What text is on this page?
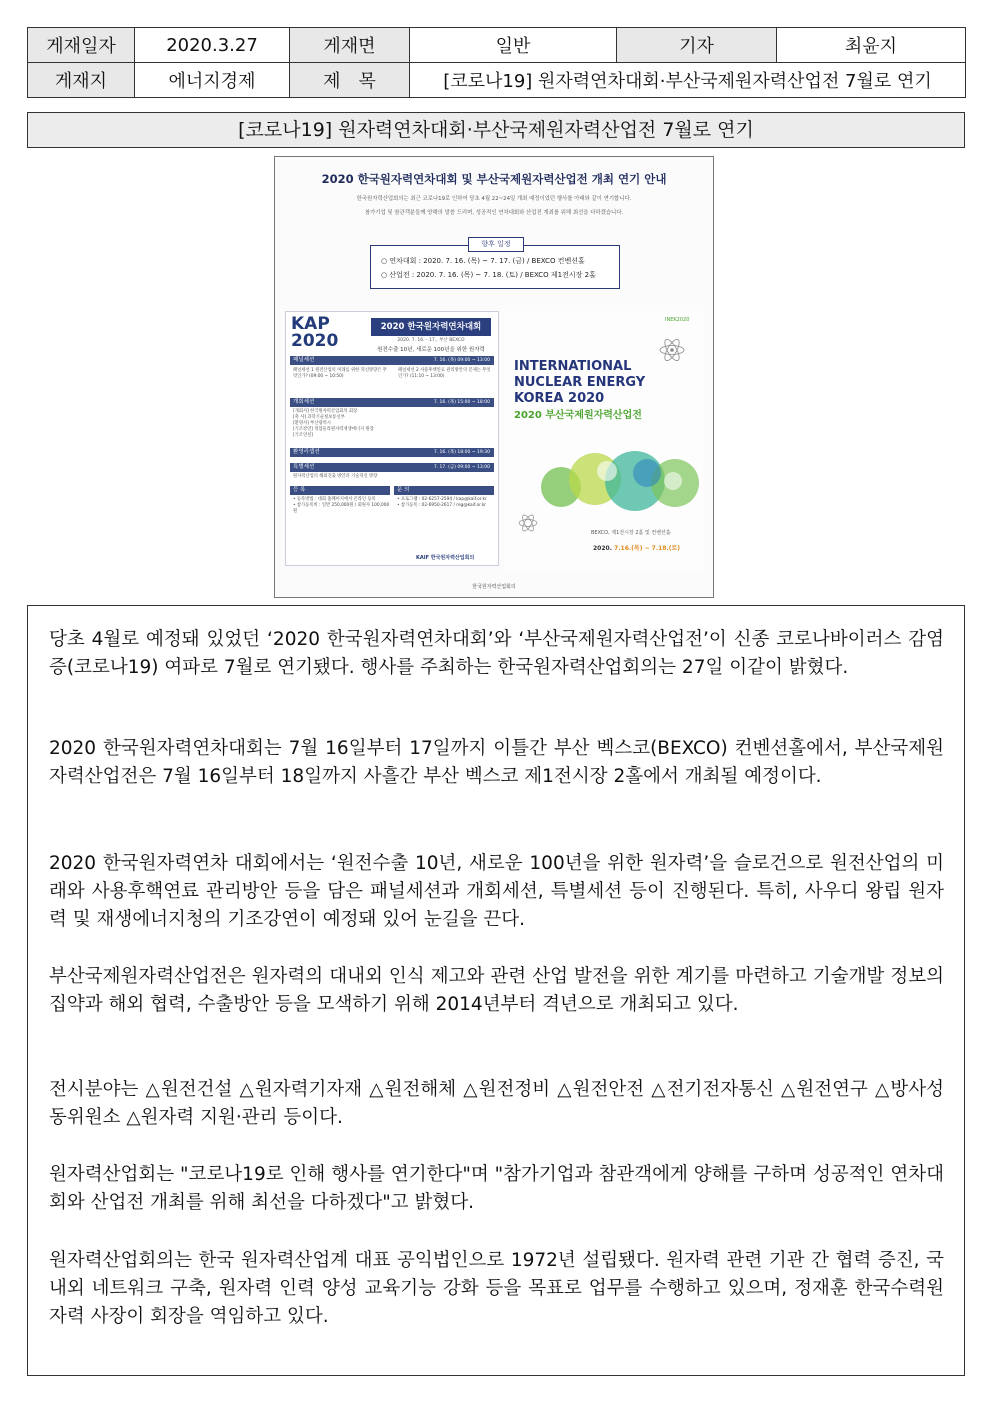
게재일자	2020.3.27	게재면	일반	기자	최윤지
게재지	에너지경제	제　목	[코로나19] 원자력연차대회·부산국제원자력산업전 7월로 연기		
[코로나19] 원자력연차대회·부산국제원자력산업전 7월로 연기
2020 한국원자력연차대회 및 부산국제원자력산업전 개최 연기 안내
한국원자력산업회의는 최근 코로나19로 인하여 당초 4월 22~24일 개최 예정이었던 행사를 아래와 같이 연기합니다.
참가기업 및 참관객분들께 양해의 말씀 드리며, 성공적인 연차대회와 산업전 개최를 위해 최선을 다하겠습니다.
향후 일정
○ 연차대회 : 2020. 7. 16. (목) ~ 7. 17. (금) / BEXCO 컨벤션홀
○ 산업전 : 2020. 7. 16. (목) ~ 7. 18. (토) / BEXCO 제1전시장 2홀
KAP
2020
2020 한국원자력연차대회
2020. 7. 16. - 17., 부산 BEXCO
원전수출 10년, 새로운 100년을 위한 원자력
패널세션	7. 16. (목) 09:00 ~ 13:00
패널세션 1 원전산업의 미래를 위한 혁신방향은 무엇인가? (09:00 ~ 10:50)
패널세션 2 사용후핵연료 관리방안의 문제는 무엇인가? (11:10 ~ 13:00)
개회세션	7. 16. (목) 15:00 ~ 18:00
[개회사] 한국원자력산업회의 회장
[축 사] 과학기술정보통신부
[환영사] 부산광역시
[기조강연] 킹압둘라원자력재생에너지 원장
[기조연설]
환영리셉션	7. 16. (목) 18:00 ~ 19:30
특별세션	7. 17. (금) 09:00 ~ 13:00
원자력산업의 해외진출 방안과 기술혁신 방향
등 록	문 의
• 등록방법 : 대회 홈페이지에서 온라인 등록
• 참가등록비 : 일반 250,000원 / 회원사 100,000원
• 프로그램 : 02-6257-2594 / kap@kaif.or.kr
• 참가등록 : 02-6950-2617 / reg@kaif.or.kr
KAIF 한국원자력산업회의
INEK2020
INTERNATIONAL
NUCLEAR ENERGY
KOREA 2020
2020 부산국제원자력산업전
BEXCO, 제1전시장 2홀 및 컨벤션홀
2020. 7.16.(목) ~ 7.18.(토)
한국원자력산업회의

당초 4월로 예정돼 있었던 ‘2020 한국원자력연차대회’와 ‘부산국제원자력산업전’이 신종 코로나바이러스 감염증(코로나19) 여파로 7월로 연기됐다. 행사를 주최하는 한국원자력산업회의는 27일 이같이 밝혔다.

2020 한국원자력연차대회는 7월 16일부터 17일까지 이틀간 부산 벡스코(BEXCO) 컨벤션홀에서, 부산국제원자력산업전은 7월 16일부터 18일까지 사흘간 부산 벡스코 제1전시장 2홀에서 개최될 예정이다.

2020 한국원자력연차 대회에서는 ‘원전수출 10년, 새로운 100년을 위한 원자력’을 슬로건으로 원전산업의 미래와 사용후핵연료 관리방안 등을 담은 패널세션과 개회세션, 특별세션 등이 진행된다. 특히, 사우디 왕립 원자력 및 재생에너지청의 기조강연이 예정돼 있어 눈길을 끈다.

부산국제원자력산업전은 원자력의 대내외 인식 제고와 관련 산업 발전을 위한 계기를 마련하고 기술개발 정보의 집약과 해외 협력, 수출방안 등을 모색하기 위해 2014년부터 격년으로 개최되고 있다.

전시분야는 △원전건설 △원자력기자재 △원전해체 △원전정비 △원전안전 △전기전자통신 △원전연구 △방사성 동위원소 △원자력 지원·관리 등이다.

원자력산업회는 "코로나19로 인해 행사를 연기한다"며 "참가기업과 참관객에게 양해를 구하며 성공적인 연차대회와 산업전 개최를 위해 최선을 다하겠다"고 밝혔다.

원자력산업회의는 한국 원자력산업계 대표 공익법인으로 1972년 설립됐다. 원자력 관련 기관 간 협력 증진, 국내외 네트워크 구축, 원자력 인력 양성 교육기능 강화 등을 목표로 업무를 수행하고 있으며, 정재훈 한국수력원자력 사장이 회장을 역임하고 있다.
